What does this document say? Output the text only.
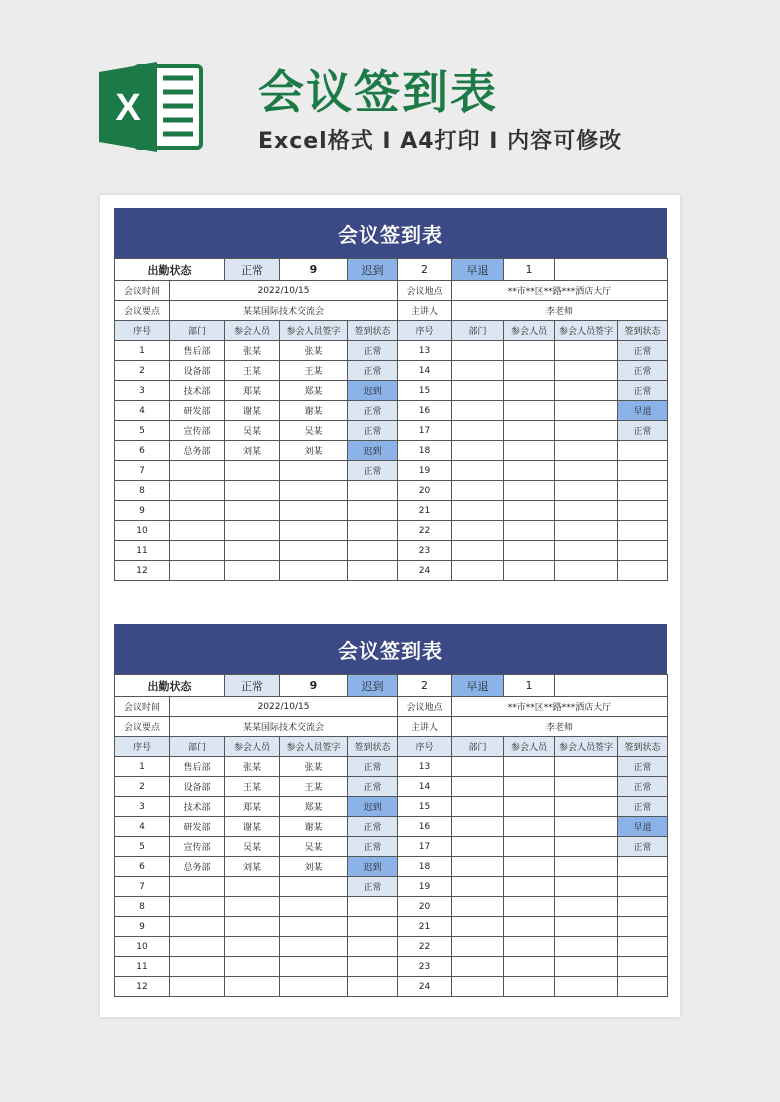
X	会议签到表
Excel格式 I A4打印 I 内容可修改
会议签到表
出勤状态		正常	9	迟到	2	早退	1		
会议时间	2022/10/15				会议地点	**市**区**路***酒店大厅			
会议要点	某某国际技术交流会				主讲人	李老师			
序号	部门	参会人员	参会人员签字	签到状态	序号	部门	参会人员	参会人员签字	签到状态
1	售后部	张某	张某	正常	13				正常
2	设备部	王某	王某	正常	14				正常
3	技术部	郑某	郑某	迟到	15				正常
4	研发部	谢某	谢某	正常	16				早退
5	宣传部	吴某	吴某	正常	17				正常
6	总务部	刘某	刘某	迟到	18				
7				正常	19				
8					20				
9					21				
10					22				
11					23				
12					24				
会议签到表
出勤状态		正常	9	迟到	2	早退	1		
会议时间	2022/10/15				会议地点	**市**区**路***酒店大厅			
会议要点	某某国际技术交流会				主讲人	李老师			
序号	部门	参会人员	参会人员签字	签到状态	序号	部门	参会人员	参会人员签字	签到状态
1	售后部	张某	张某	正常	13				正常
2	设备部	王某	王某	正常	14				正常
3	技术部	郑某	郑某	迟到	15				正常
4	研发部	谢某	谢某	正常	16				早退
5	宣传部	吴某	吴某	正常	17				正常
6	总务部	刘某	刘某	迟到	18				
7				正常	19				
8					20				
9					21				
10					22				
11					23				
12					24				
